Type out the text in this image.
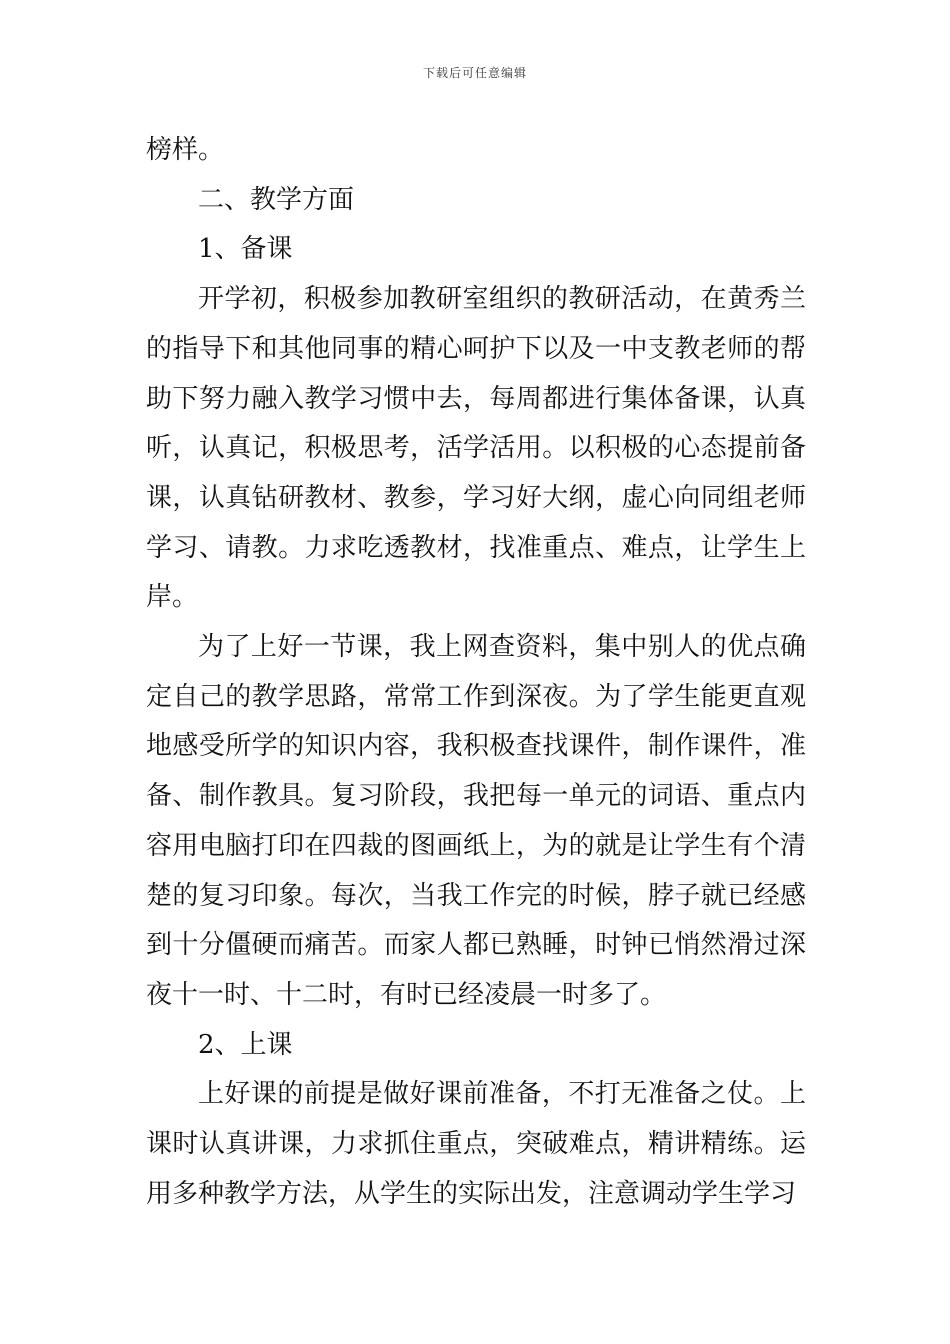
下载后可任意编辑

榜样。

二、教学方面

1、备课

开学初，积极参加教研室组织的教研活动，在黄秀兰的指导下和其他同事的精心呵护下以及一中支教老师的帮助下努力融入教学习惯中去，每周都进行集体备课，认真听，认真记，积极思考，活学活用。以积极的心态提前备课，认真钻研教材、教参，学习好大纲，虚心向同组老师学习、请教。力求吃透教材，找准重点、难点，让学生上岸。

为了上好一节课，我上网查资料，集中别人的优点确定自己的教学思路，常常工作到深夜。为了学生能更直观地感受所学的知识内容，我积极查找课件，制作课件，准备、制作教具。复习阶段，我把每一单元的词语、重点内容用电脑打印在四裁的图画纸上，为的就是让学生有个清楚的复习印象。每次，当我工作完的时候，脖子就已经感到十分僵硬而痛苦。而家人都已熟睡，时钟已悄然滑过深夜十一时、十二时，有时已经凌晨一时多了。

2、上课

上好课的前提是做好课前准备，不打无准备之仗。上课时认真讲课，力求抓住重点，突破难点，精讲精练。运用多种教学方法，从学生的实际出发，注意调动学生学习
